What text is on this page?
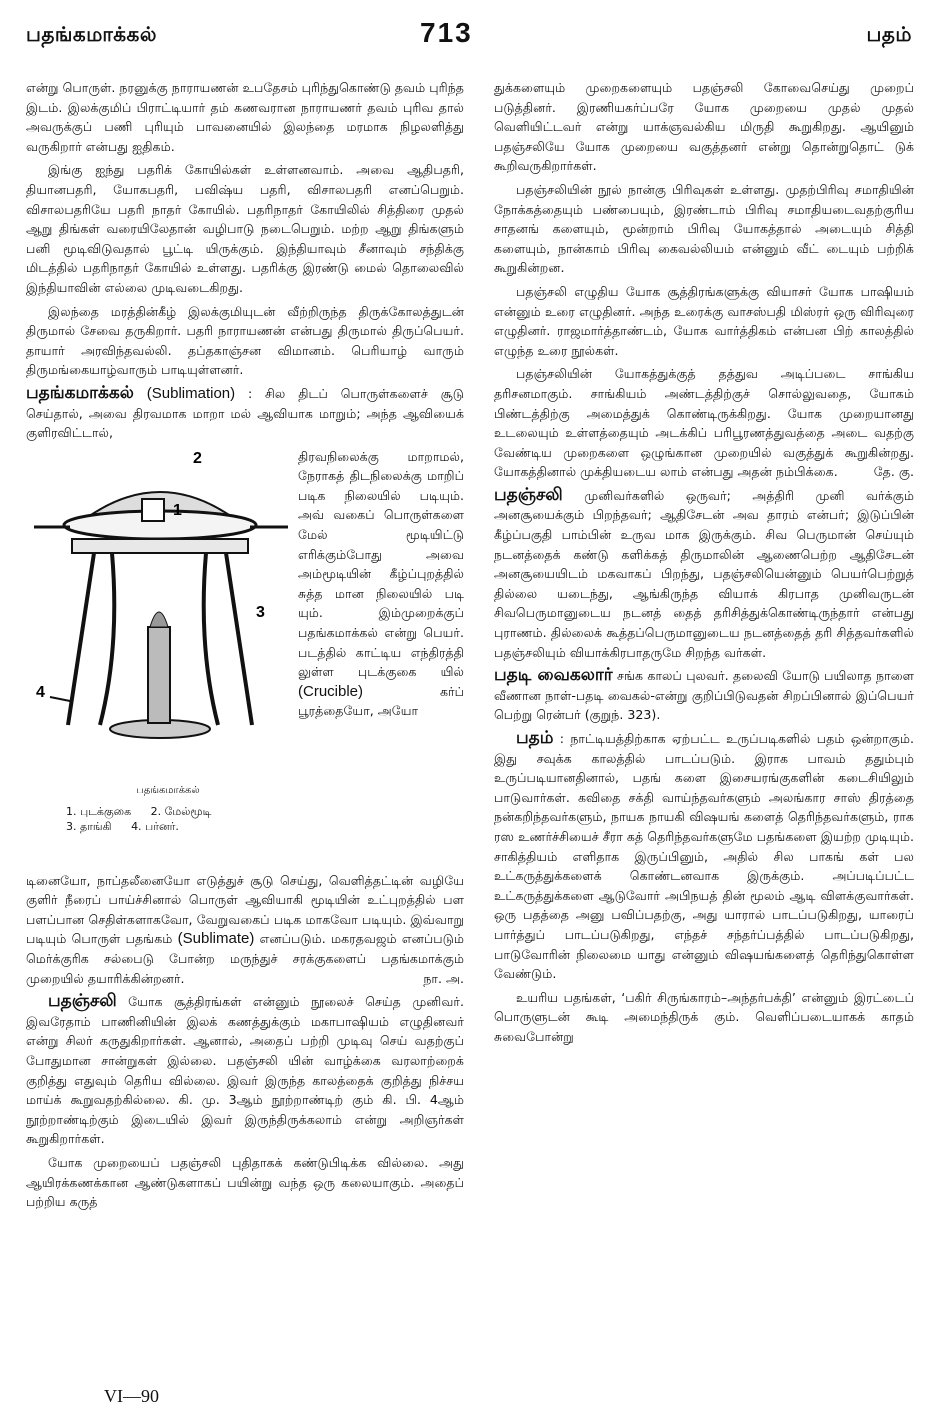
பதங்கமாக்கல்	713	பதம்

என்று பொருள். நரனுக்கு நாராயணன் உபதேசம் புரிந்துகொண்டு தவம் புரிந்த இடம். இலக்குமிப் பிராட்டியார் தம் கணவரான நாராயணர் தவம் புரிவ தால் அவருக்குப் பணி புரியும் பாவனையில் இலந்தை மரமாக நிழலளித்து வருகிறார் என்பது ஐதிகம்.

இங்கு ஐந்து பதரிக் கோயில்கள் உள்ளனவாம். அவை ஆதிபதரி, தியானபதரி, யோகபதரி, பவிஷ்ய பதரி, விசாலபதரி எனப்பெறும். விசாலபதரியே பதரி நாதர் கோயில். பதரிநாதர் கோயிலில் சித்திரை முதல் ஆறு திங்கள் வரையிலேதான் வழிபாடு நடைபெறும். மற்ற ஆறு திங்களும் பனி மூடிவிடுவதால் பூட்டி யிருக்கும். இந்தியாவும் சீனாவும் சந்திக்கு மிடத்தில் பதரிநாதர் கோயில் உள்ளது. பதரிக்கு இரண்டு மைல் தொலைவில் இந்தியாவின் எல்லை முடிவடைகிறது.

இலந்தை மரத்தின்கீழ் இலக்குமியுடன் வீற்றிருந்த திருக்கோலத்துடன் திருமால் சேவை தருகிறார். பதரி நாராயணன் என்பது திருமால் திருப்பெயர். தாயார் அரவிந்தவல்லி. தப்தகாஞ்சன விமானம். பெரியாழ் வாரும் திருமங்கையாழ்வாரும் பாடியுள்ளனர்.

பதங்கமாக்கல் (Sublimation) : சில திடப் பொருள்களைச் சூடு செய்தால், அவை திரவமாக மாறா மல் ஆவியாக மாறும்; அந்த ஆவியைக் குளிரவிட்டால்,

2
1
3
4
பதங்கமாக்கல்
1. புடக்குகை 2. மேல்மூடி
3. தாங்கி 4. பர்னர்.
திரவநிலைக்கு மாறாமல், நேராகத் திடநிலைக்கு மாறிப் படிக நிலையில் படியும். அவ் வகைப் பொருள்களை மேல் மூடியிட்டு எரிக்கும்போது அவை அம்மூடியின் கீழ்ப்புறத்தில் சுத்த மான நிலையில் படி யும். இம்முறைக்குப் பதங்கமாக்கல் என்று பெயர். படத்தில் காட்டிய எந்திரத்தி லுள்ள புடக்குகை யில் (Crucible)	கர்ப் பூரத்தையோ, அயோ

டினையோ, நாப்தலீனையோ எடுத்துச் சூடு செய்து, வெளித்தட்டின் வழியே குளிர் நீரைப் பாய்ச்சினால் பொருள் ஆவியாகி மூடியின் உட்புறத்தில் பள பளப்பான செதிள்களாகவோ, வேறுவகைப் படிக மாகவோ படியும். இவ்வாறு படியும் பொருள் பதங்கம் (Sublimate) எனப்படும். மகரதவஜம் எனப்படும் மெர்க்குரிக சல்பைடு போன்ற மருந்துச் சரக்குகளைப் பதங்கமாக்கும் முறையில் தயாரிக்கின்றனர்.	நா. அ.

பதஞ்சலி யோக சூத்திரங்கள் என்னும் நூலைச் செய்த முனிவர். இவரேதாம் பாணினியின் இலக் கணத்துக்கும் மகாபாஷியம் எழுதினவர் என்று சிலர் கருதுகிறார்கள். ஆனால், அதைப் பற்றி முடிவு செய் வதற்குப் போதுமான சான்றுகள் இல்லை. பதஞ்சலி யின் வாழ்க்கை வரலாற்றைக் குறித்து எதுவும் தெரிய வில்லை. இவர் இருந்த காலத்தைக் குறித்து நிச்சய மாய்க் கூறுவதற்கில்லை. கி. மு. 3ஆம் நூற்றாண்டிற் கும் கி. பி. 4ஆம் நூற்றாண்டிற்கும் இடையில் இவர் இருந்திருக்கலாம் என்று அறிஞர்கள் கூறுகிறார்கள்.

யோக முறையைப் பதஞ்சலி புதிதாகக் கண்டுபிடிக்க வில்லை. அது ஆயிரக்கணக்கான ஆண்டுகளாகப் பயின்று வந்த ஒரு கலையாகும். அதைப் பற்றிய கருத்

துக்களையும் முறைகளையும் பதஞ்சலி கோவைசெய்து முறைப் படுத்தினர். இரணியகர்ப்பரே யோக முறையை முதல் முதல் வெளியிட்டவர் என்று யாக்ஞவல்கிய மிருதி கூறுகிறது. ஆயினும் பதஞ்சலியே யோக முறையை வகுத்தனர் என்று தொன்றுதொட் டுக் கூறிவருகிறார்கள்.

பதஞ்சலியின் நூல் நான்கு பிரிவுகள் உள்ளது. முதற்பிரிவு சமாதியின் நோக்கத்தையும் பண்பையும், இரண்டாம் பிரிவு சமாதியடைவதற்குரிய சாதனங் களையும், மூன்றாம் பிரிவு யோகத்தால் அடையும் சித்தி களையும், நான்காம் பிரிவு கைவல்லியம் என்னும் வீட் டையும் பற்றிக் கூறுகின்றன.

பதஞ்சலி எழுதிய யோக சூத்திரங்களுக்கு வியாசர் யோக பாஷியம் என்னும் உரை எழுதினர். அந்த உரைக்கு வாசஸ்பதி மிஸ்ரர் ஒரு விரிவுரை எழுதினர். ராஜமார்த்தாண்டம், யோக வார்த்திகம் என்பன பிற் காலத்தில் எழுந்த உரை நூல்கள்.

பதஞ்சலியின் யோகத்துக்குத் தத்துவ அடிப்படை சாங்கிய தரிசனமாகும். சாங்கியம் அண்டத்திற்குச் சொல்லுவதை, யோகம் பிண்டத்திற்கு அமைத்துக் கொண்டிருக்கிறது. யோக முறையானது உடலையும் உள்ளத்தையும் அடக்கிப் பரிபூரணத்துவத்தை அடை வதற்கு வேண்டிய முறைகளை ஒழுங்கான முறையில் வகுத்துக் கூறுகின்றது. யோகத்தினால் முக்தியடைய லாம் என்பது அதன் நம்பிக்கை.	தே. கு.

பதஞ்சலி முனிவர்களில் ஒருவர்; அத்திரி முனி வர்க்கும் அனசூயைக்கும் பிறந்தவர்; ஆதிசேடன் அவ தாரம் என்பர்; இடுப்பின் கீழ்ப்பகுதி பாம்பின் உருவ மாக இருக்கும். சிவ பெருமான் செய்யும் நடனத்தைக் கண்டு களிக்கத் திருமாலின் ஆணைபெற்ற ஆதிசேடன் அனசூயையிடம் மகவாகப் பிறந்து, பதஞ்சலியென்னும் பெயர்பெற்றுத் தில்லை யடைந்து, ஆங்கிருந்த வியாக் கிரபாத முனிவருடன் சிவபெருமானுடைய நடனத் தைத் தரிசித்துக்கொண்டிருந்தார் என்பது புராணம். தில்லைக் கூத்தப்பெருமானுடைய நடனத்தைத் தரி சித்தவர்களில் பதஞ்சலியும் வியாக்கிரபாதருமே சிறந்த வர்கள்.

பதடி வைகலார் சங்க காலப் புலவர். தலைவி யோடு பயிலாத நாளை வீணான நாள்-பதடி வைகல்-என்று குறிப்பிடுவதன் சிறப்பினால் இப்பெயர் பெற்று ரென்பர் (குறுந். 323).

பதம் : நாட்டியத்திற்காக ஏற்பட்ட உருப்படிகளில் பதம் ஒன்றாகும். இது சவுக்க காலத்தில் பாடப்படும். இராக பாவம் ததும்பும் உருப்படியானதினால், பதங் களை இசையரங்குகளின் கடைசியிலும் பாடுவார்கள். கவிதை சக்தி வாய்ந்தவர்களும் அலங்கார சாஸ் திரத்தை நன்கறிந்தவர்களும், நாயக நாயகி விஷயங் களைத் தெரிந்தவர்களும், ராக ரஸ உணர்ச்சியைச் சீரா கத் தெரிந்தவர்களுமே பதங்களை இயற்ற முடியும். சாகித்தியம் எளிதாக இருப்பினும், அதில் சில பாகங் கள் பல உட்கருத்துக்களைக் கொண்டனவாக இருக்கும். அப்படிப்பட்ட உட்கருத்துக்களை ஆடுவோர் அபிநயத் தின் மூலம் ஆடி விளக்குவார்கள். ஒரு பதத்தை அனு பவிப்பதற்கு, அது யாரால் பாடப்படுகிறது, யாரைப் பார்த்துப் பாடப்படுகிறது, எந்தச் சந்தர்ப்பத்தில் பாடப்படுகிறது, பாடுவோரின் நிலைமை யாது என்னும் விஷயங்களைத் தெரிந்துகொள்ள வேண்டும்.

உயரிய பதங்கள், ‘பகிர் சிருங்காரம்–அந்தர்பக்தி’ என்னும் இரட்டைப் பொருளுடன் கூடி அமைந்திருக் கும். வெளிப்படையாகக் காதம் சுவைபோன்று

VI—90
